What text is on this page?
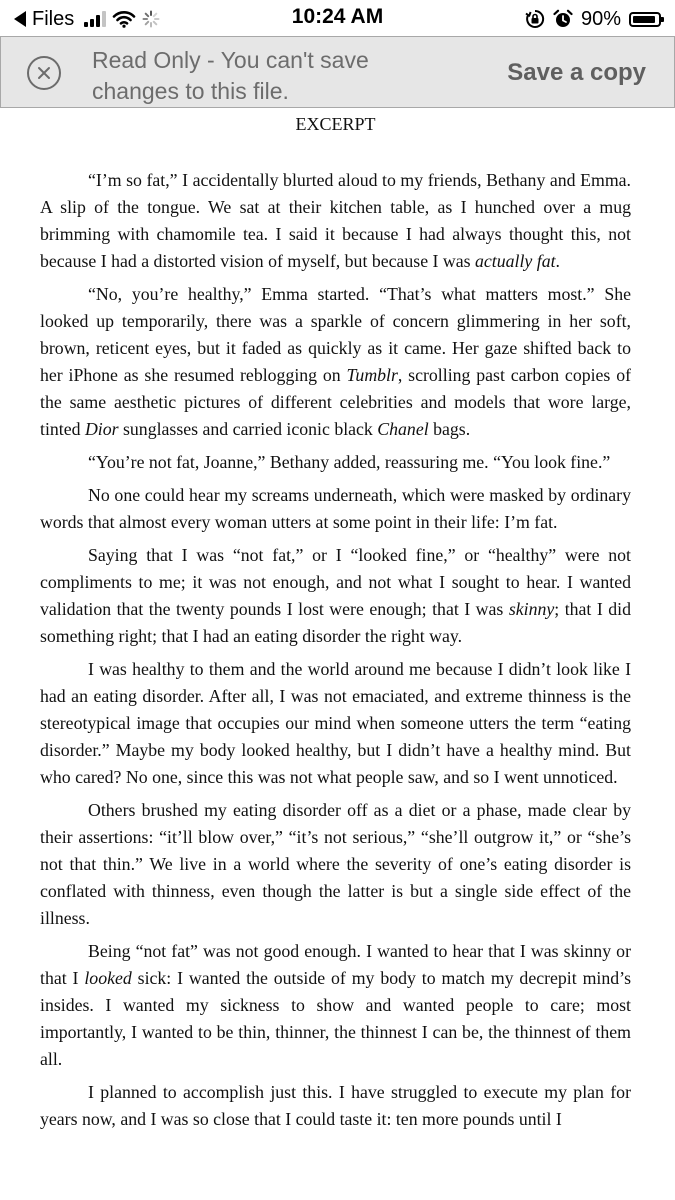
Files	10:24 AM	90%
Read Only - You can't save
changes to this file.
Save a copy
EXCERPT

“I’m so fat,” I accidentally blurted aloud to my friends, Bethany and Emma. A slip of the tongue. We sat at their kitchen table, as I hunched over a mug brimming with chamomile tea. I said it because I had always thought this, not because I had a distorted vision of myself, but because I was actually fat.

“No, you’re healthy,” Emma started. “That’s what matters most.” She looked up temporarily, there was a sparkle of concern glimmering in her soft, brown, reticent eyes, but it faded as quickly as it came. Her gaze shifted back to her iPhone as she resumed reblogging on Tumblr, scrolling past carbon copies of the same aesthetic pictures of different celebrities and models that wore large, tinted Dior sunglasses and carried iconic black Chanel bags.

“You’re not fat, Joanne,” Bethany added, reassuring me. “You look fine.”

No one could hear my screams underneath, which were masked by ordinary words that almost every woman utters at some point in their life: I’m fat.

Saying that I was “not fat,” or I “looked fine,” or “healthy” were not compliments to me; it was not enough, and not what I sought to hear. I wanted validation that the twenty pounds I lost were enough; that I was skinny; that I did something right; that I had an eating disorder the right way.

I was healthy to them and the world around me because I didn’t look like I had an eating disorder. After all, I was not emaciated, and extreme thinness is the stereotypical image that occupies our mind when someone utters the term “eating disorder.” Maybe my body looked healthy, but I didn’t have a healthy mind. But who cared? No one, since this was not what people saw, and so I went unnoticed.

Others brushed my eating disorder off as a diet or a phase, made clear by their assertions: “it’ll blow over,” “it’s not serious,” “she’ll outgrow it,” or “she’s not that thin.” We live in a world where the severity of one’s eating disorder is conflated with thinness, even though the latter is but a single side effect of the illness.

Being “not fat” was not good enough. I wanted to hear that I was skinny or that I looked sick: I wanted the outside of my body to match my decrepit mind’s insides. I wanted my sickness to show and wanted people to care; most importantly, I wanted to be thin, thinner, the thinnest I can be, the thinnest of them all.

I planned to accomplish just this. I have struggled to execute my plan for years now, and I was so close that I could taste it: ten more pounds until I
